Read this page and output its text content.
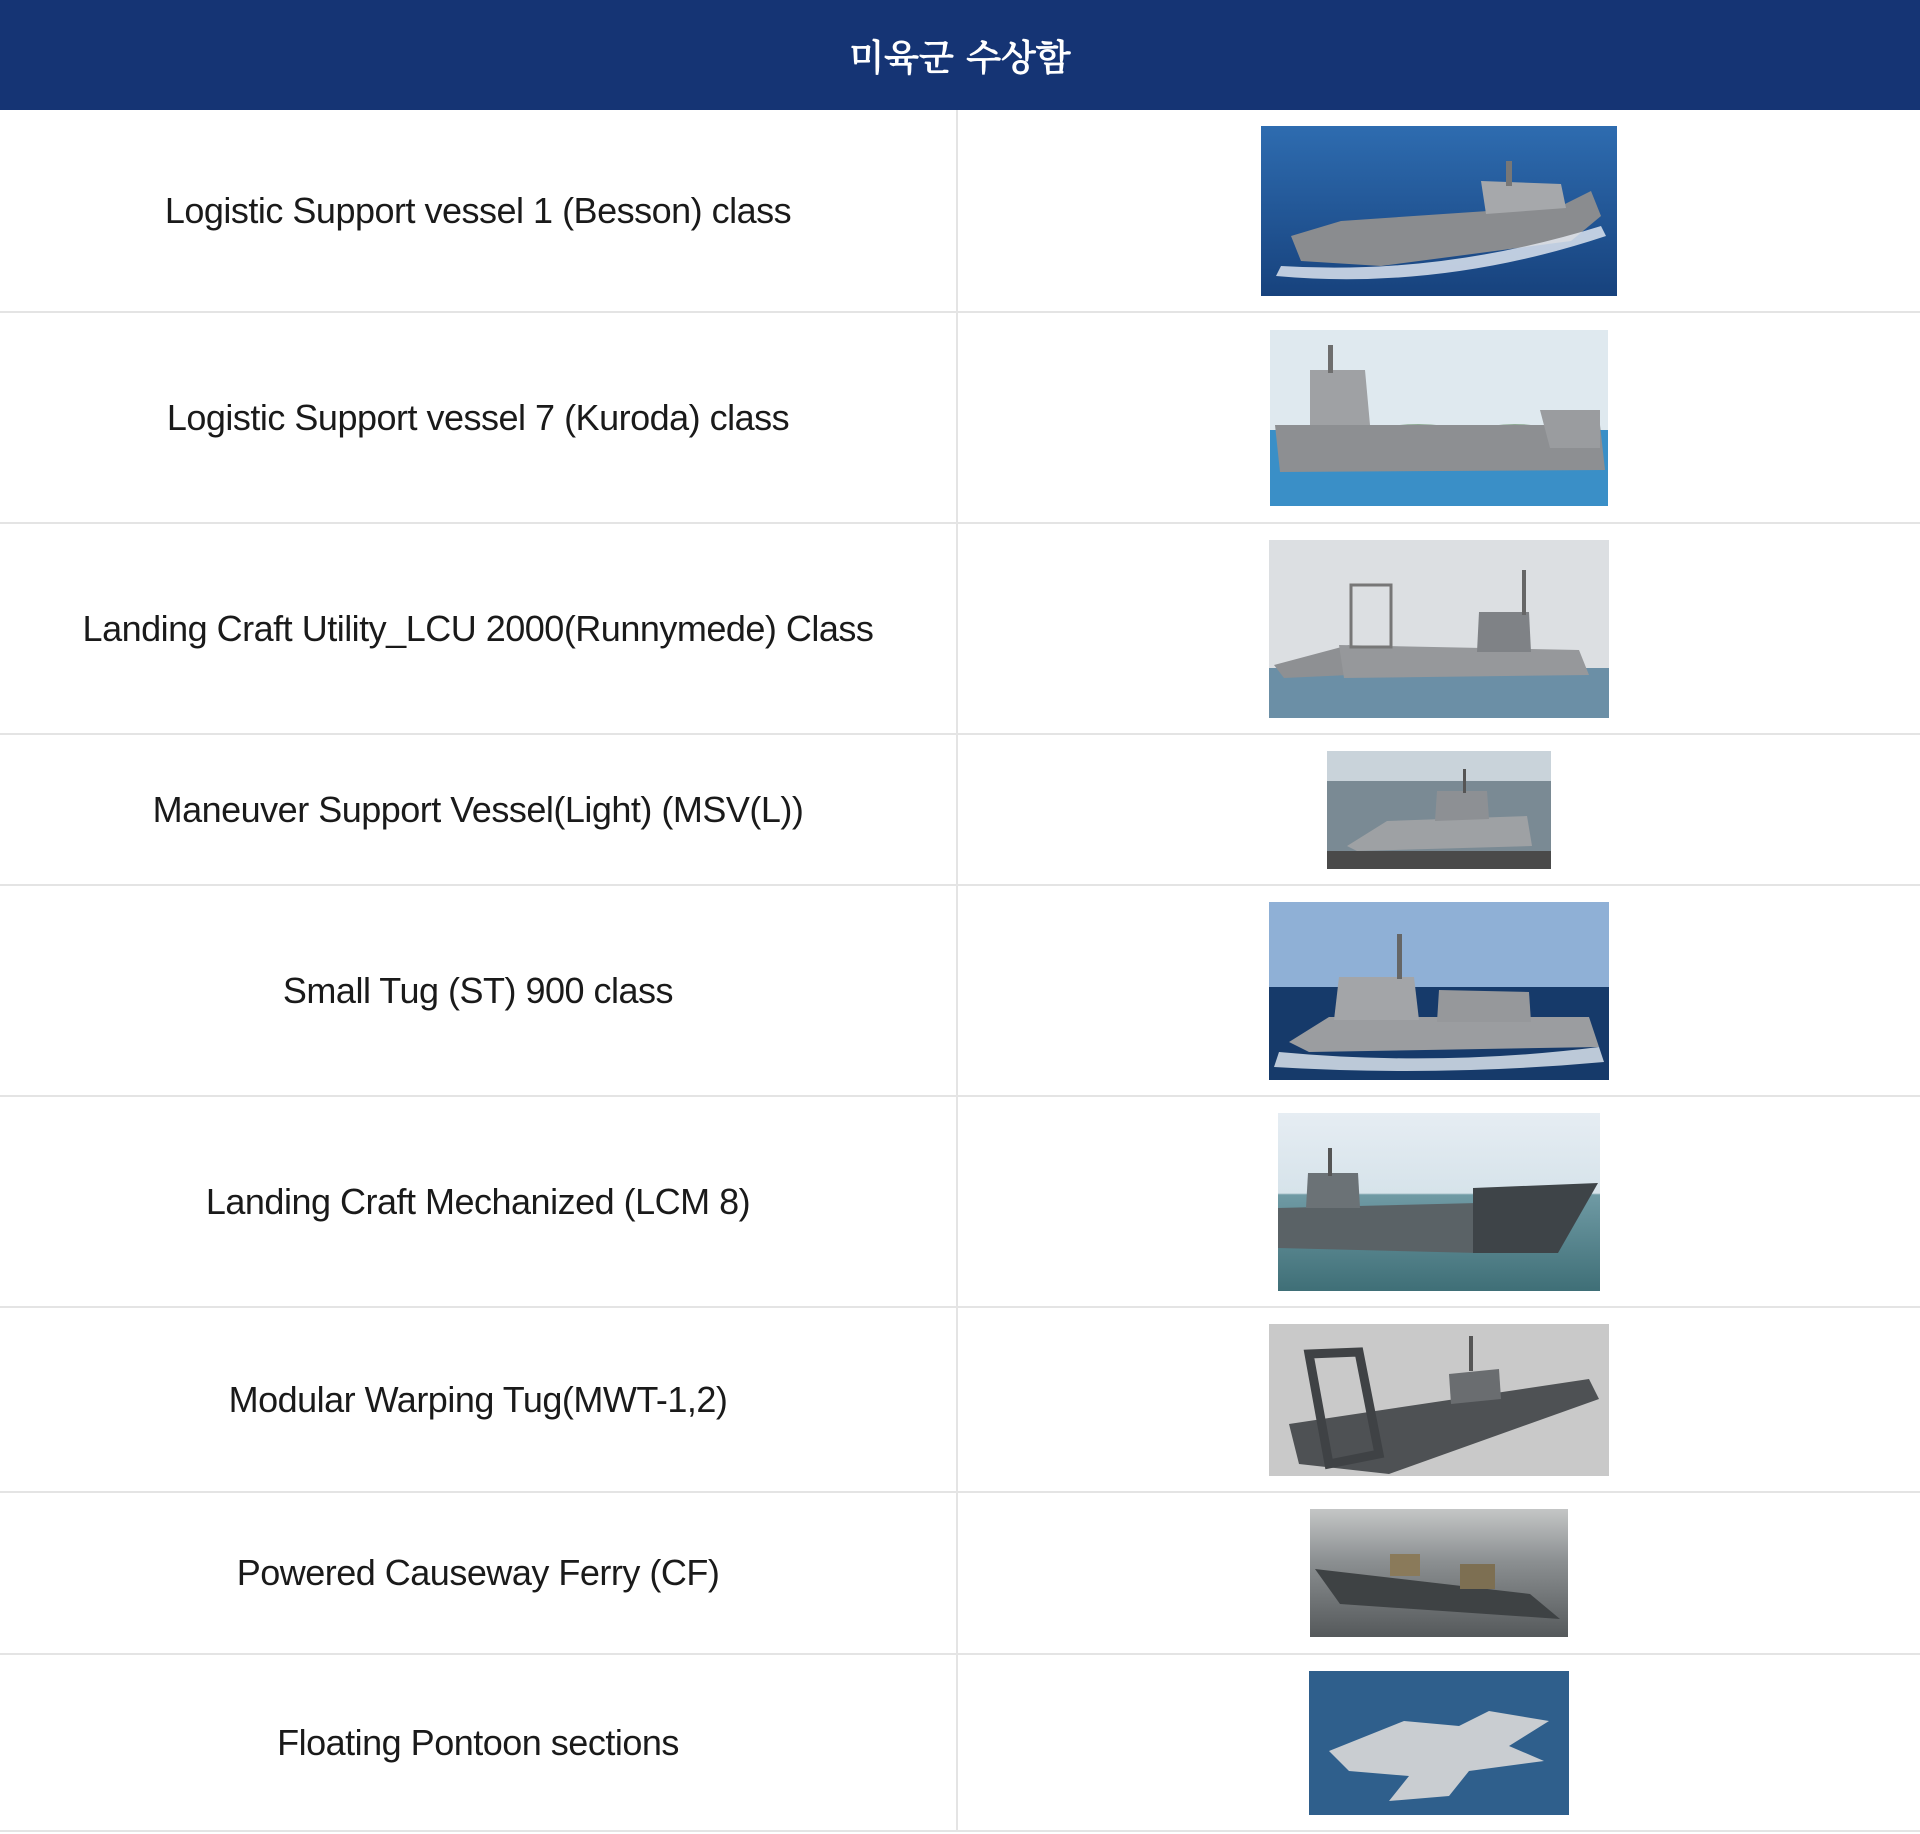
미육군 수상함
Logistic Support vessel 1 (Besson) class
Logistic Support vessel 7 (Kuroda) class
Landing Craft Utility_LCU 2000(Runnymede) Class
Maneuver Support Vessel(Light) (MSV(L))
Small Tug (ST) 900 class
Landing Craft Mechanized (LCM 8)
Modular Warping Tug(MWT-1,2)
Powered Causeway Ferry (CF)
Floating Pontoon sections
